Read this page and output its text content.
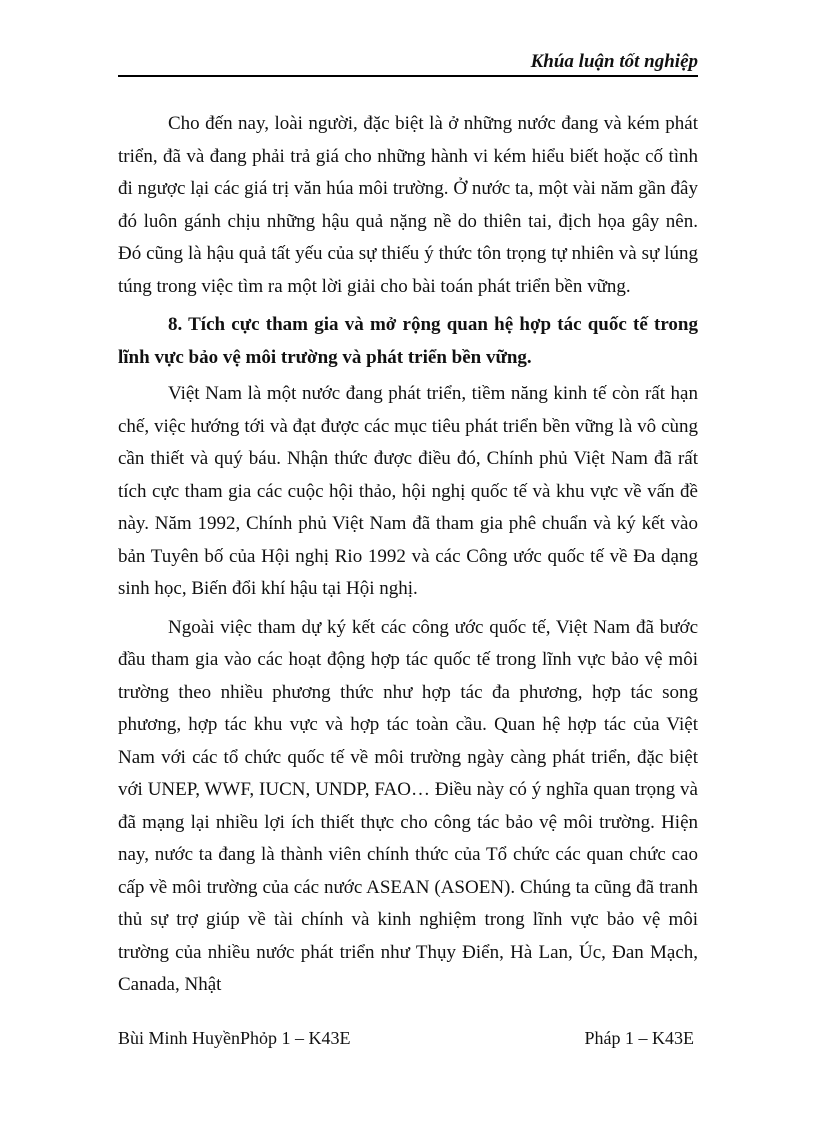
Khúa luận tốt nghiệp

Cho đến nay, loài người, đặc biệt là ở những nước đang và kém phát triển, đã và đang phải trả giá cho những hành vi kém hiểu biết hoặc cố tình đi ngược lại các giá trị văn húa môi trường. Ở nước ta, một vài năm gần đây đó luôn gánh chịu những hậu quả nặng nề do thiên tai, địch họa gây nên. Đó cũng là hậu quả tất yếu của sự thiếu ý thức tôn trọng tự nhiên và sự lúng túng trong việc tìm ra một lời giải cho bài toán phát triển bền vững.

8. Tích cực tham gia và mở rộng quan hệ hợp tác quốc tế trong lĩnh vực bảo vệ môi trường và phát triển bền vững.

Việt Nam là một nước đang phát triển, tiềm năng kinh tế còn rất hạn chế, việc hướng tới và đạt được các mục tiêu phát triển bền vững là vô cùng cần thiết và quý báu. Nhận thức được điều đó, Chính phủ Việt Nam đã rất tích cực tham gia các cuộc hội thảo, hội nghị quốc tế và khu vực về vấn đề này. Năm 1992, Chính phủ Việt Nam đã tham gia phê chuẩn và ký kết vào bản Tuyên bố của Hội nghị Rio 1992 và các Công ước quốc tế về Đa dạng sinh học, Biến đổi khí hậu tại Hội nghị.

Ngoài việc tham dự ký kết các công ước quốc tế, Việt Nam đã bước đầu tham gia vào các hoạt động hợp tác quốc tế trong lĩnh vực bảo vệ môi trường theo nhiều phương thức như hợp tác đa phương, hợp tác song phương, hợp tác khu vực và hợp tác toàn cầu. Quan hệ hợp tác của Việt Nam với các tổ chức quốc tế về môi trường ngày càng phát triển, đặc biệt với UNEP, WWF, IUCN, UNDP, FAO… Điều này có ý nghĩa quan trọng và đã mạng lại nhiều lợi ích thiết thực cho công tác bảo vệ môi trường. Hiện nay, nước ta đang là thành viên chính thức của Tổ chức các quan chức cao cấp về môi trường của các nước ASEAN (ASOEN). Chúng ta cũng đã tranh thủ sự trợ giúp về tài chính và kinh nghiệm trong lĩnh vực bảo vệ môi trường của nhiều nước phát triển như Thụy Điển, Hà Lan, Úc, Đan Mạch, Canada, Nhật

Bùi Minh HuyềnPhỏp 1 – K43E	Pháp 1 – K43E
